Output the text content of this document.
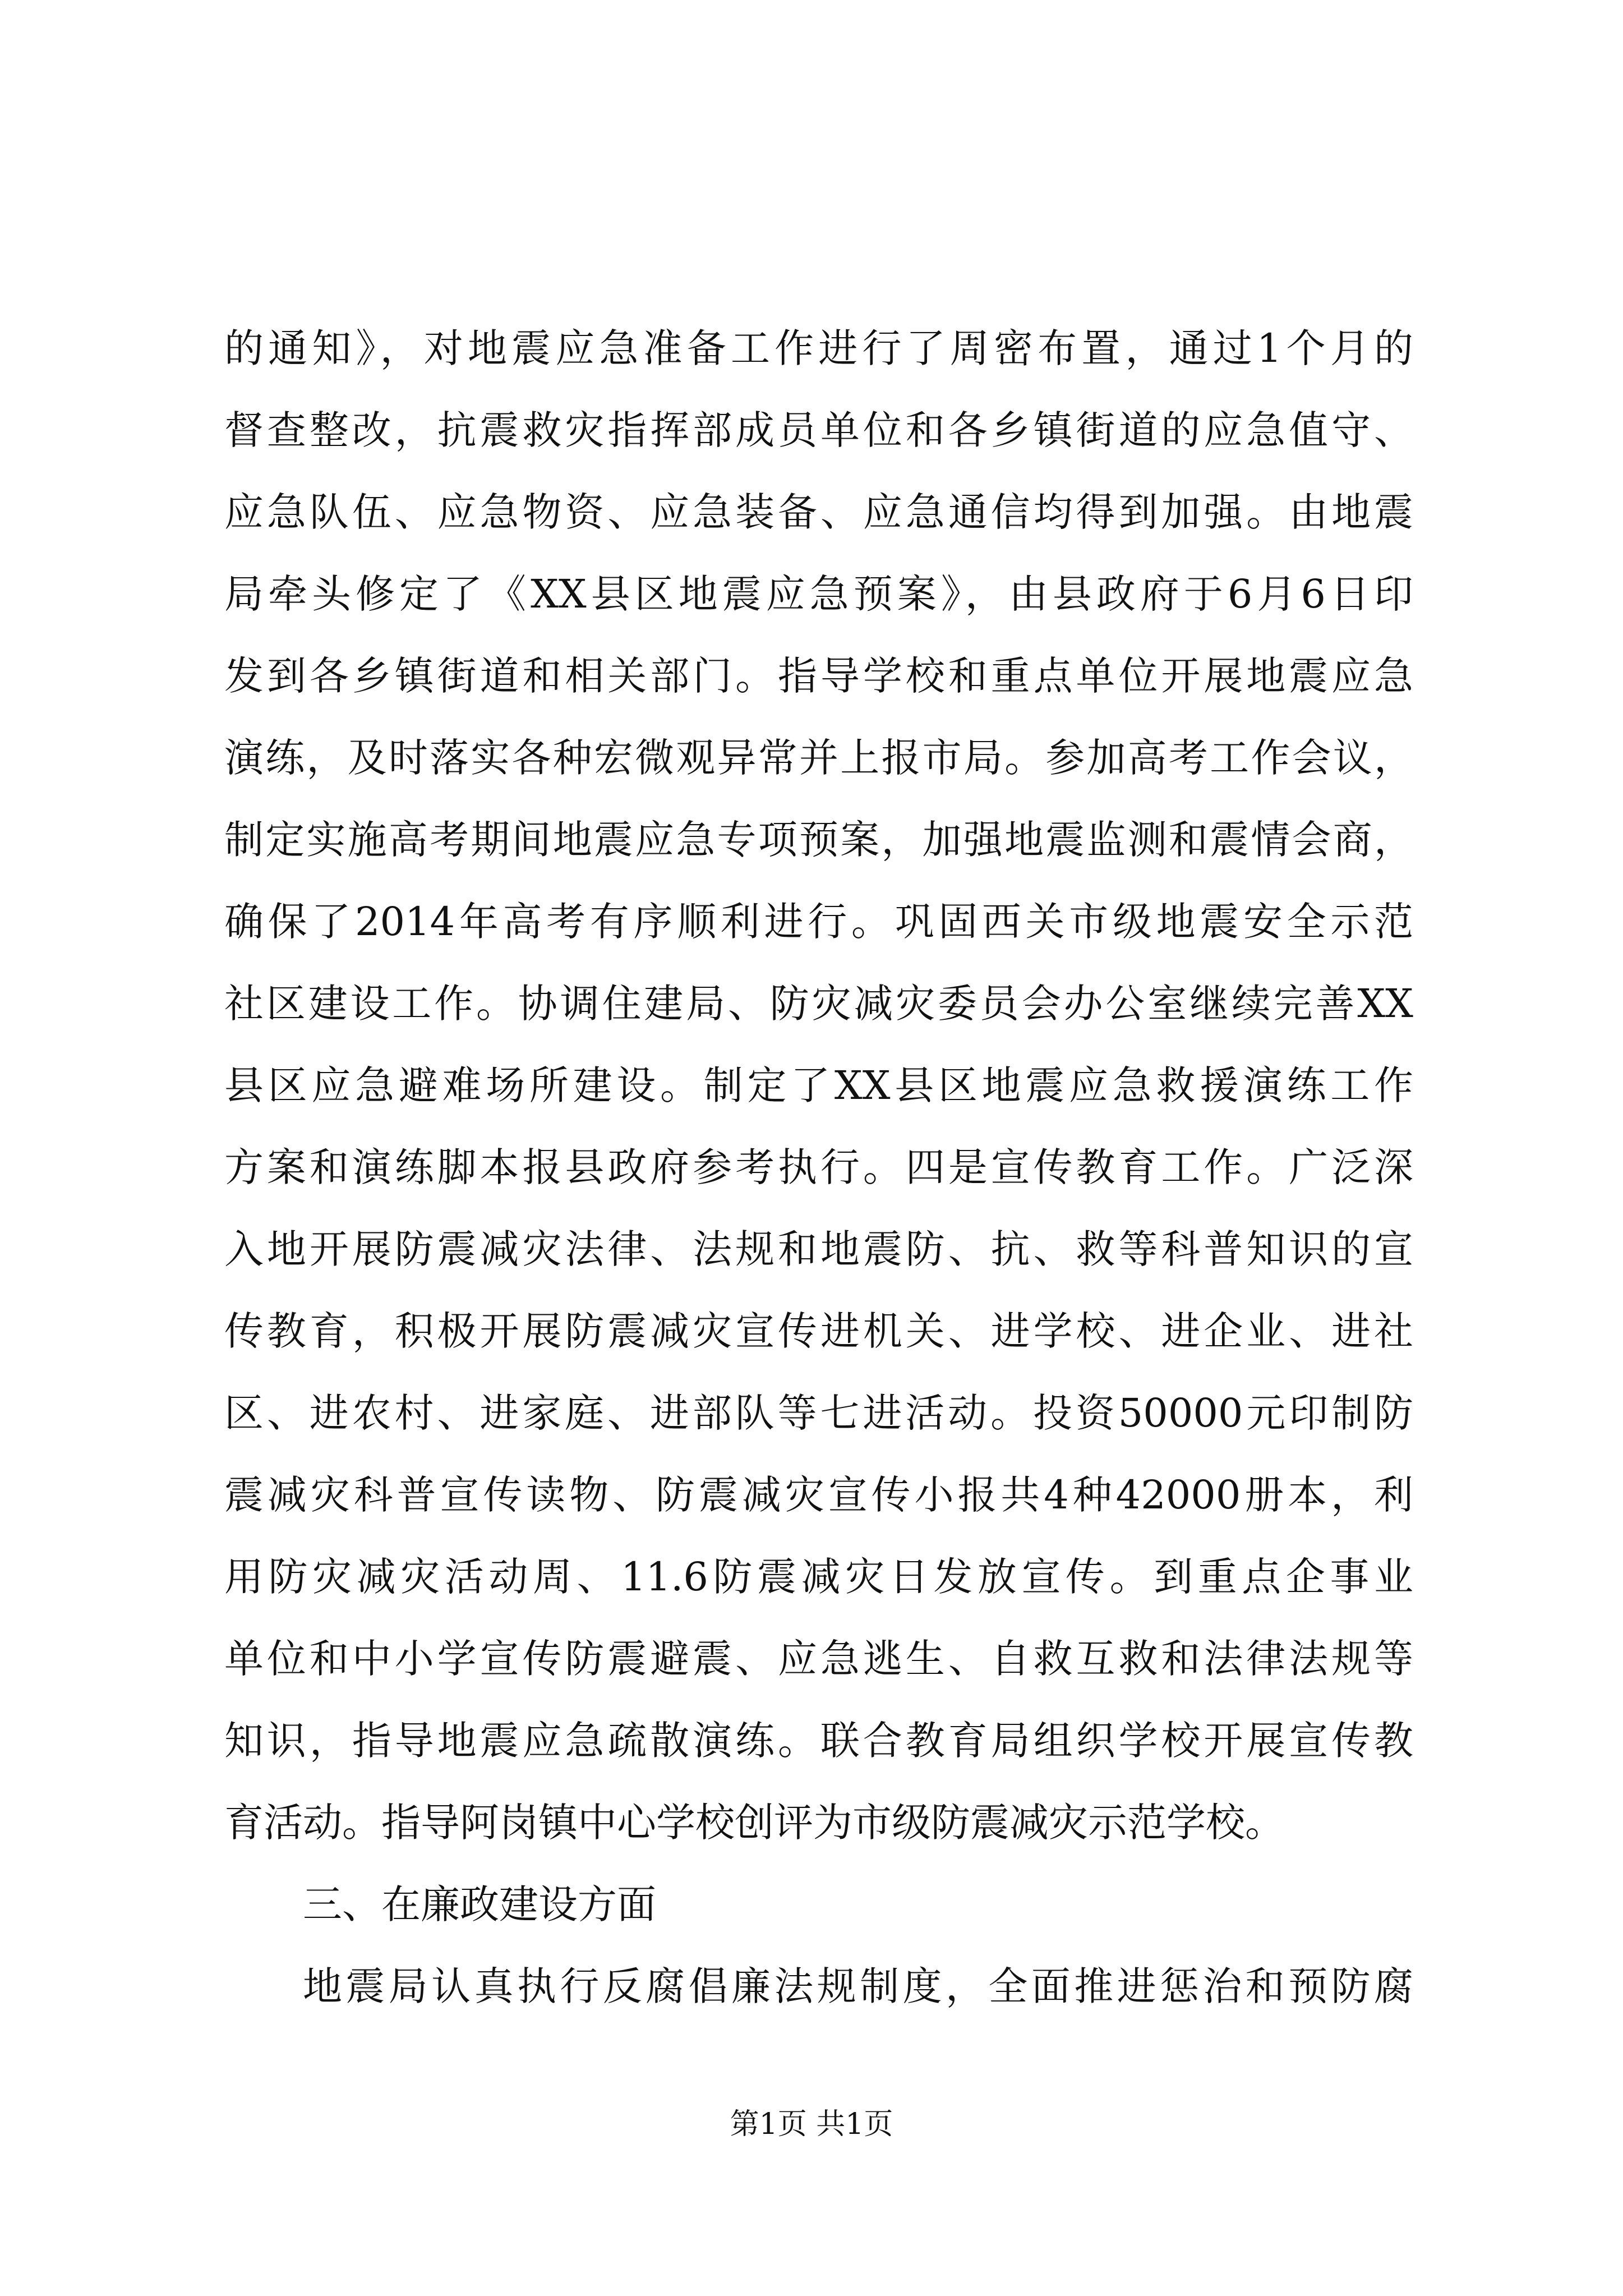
的通知》，对地震应急准备工作进行了周密布置，通过1个月的
督查整改，抗震救灾指挥部成员单位和各乡镇街道的应急值守、
应急队伍、应急物资、应急装备、应急通信均得到加强。由地震
局牵头修定了《XX县区地震应急预案》，由县政府于6月6日印
发到各乡镇街道和相关部门。指导学校和重点单位开展地震应急
演练，及时落实各种宏微观异常并上报市局。参加高考工作会议，
制定实施高考期间地震应急专项预案，加强地震监测和震情会商，
确保了2014年高考有序顺利进行。巩固西关市级地震安全示范
社区建设工作。协调住建局、防灾减灾委员会办公室继续完善XX
县区应急避难场所建设。制定了XX县区地震应急救援演练工作
方案和演练脚本报县政府参考执行。四是宣传教育工作。广泛深
入地开展防震减灾法律、法规和地震防、抗、救等科普知识的宣
传教育，积极开展防震减灾宣传进机关、进学校、进企业、进社
区、进农村、进家庭、进部队等七进活动。投资50000元印制防
震减灾科普宣传读物、防震减灾宣传小报共4种42000册本，利
用防灾减灾活动周、11.6防震减灾日发放宣传。到重点企事业
单位和中小学宣传防震避震、应急逃生、自救互救和法律法规等
知识，指导地震应急疏散演练。联合教育局组织学校开展宣传教
育活动。指导阿岗镇中心学校创评为市级防震减灾示范学校。
三、在廉政建设方面
地震局认真执行反腐倡廉法规制度，全面推进惩治和预防腐
第1页 共1页
